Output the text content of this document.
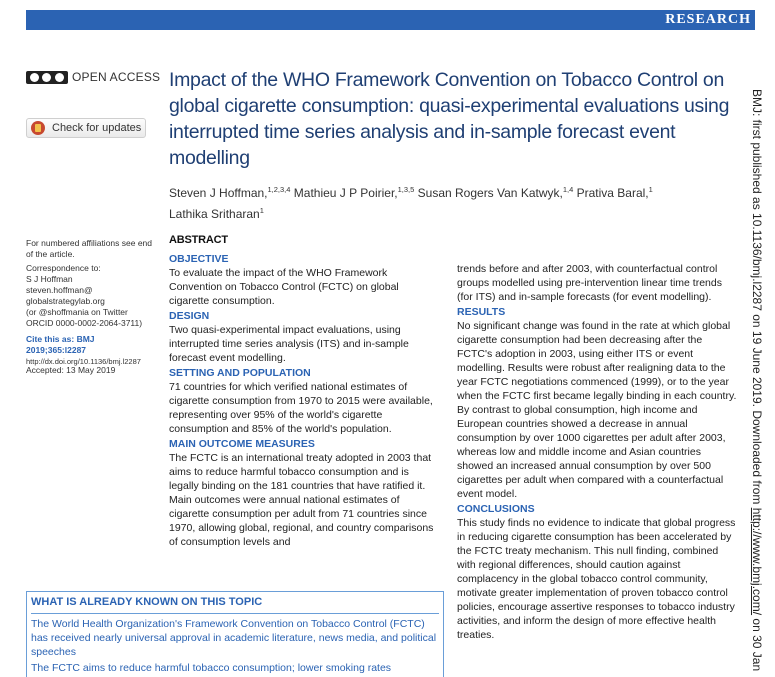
RESEARCH
OPEN ACCESS
Check for updates
Impact of the WHO Framework Convention on Tobacco Control on global cigarette consumption: quasi-experimental evaluations using interrupted time series analysis and in-sample forecast event modelling

Steven J Hoffman,$^{1,2,3,4}$ Mathieu J P Poirier,$^{1,3,5}$ Susan Rogers Van Katwyk,$^{1,4}$ Prativa Baral,$^1$
Lathika Sritharan$^1$

For numbered affiliations see end of the article.
Correspondence to:
S J Hoffman
steven.hoffman@
globalstrategylab.org
(or @shoffmania on Twitter
ORCID 0000-0002-2064-3711)
Cite this as: BMJ 2019;365:l2287
http://dx.doi.org/10.1136/bmj.l2287
Accepted: 13 May 2019
ABSTRACT
OBJECTIVE

To evaluate the impact of the WHO Framework Convention on Tobacco Control (FCTC) on global cigarette consumption.

DESIGN

Two quasi-experimental impact evaluations, using interrupted time series analysis (ITS) and in-sample forecast event modelling.

SETTING AND POPULATION

71 countries for which verified national estimates of cigarette consumption from 1970 to 2015 were available, representing over 95% of the world's cigarette consumption and 85% of the world's population.

MAIN OUTCOME MEASURES

The FCTC is an international treaty adopted in 2003 that aims to reduce harmful tobacco consumption and is legally binding on the 181 countries that have ratified it. Main outcomes were annual national estimates of cigarette consumption per adult from 71 countries since 1970, allowing global, regional, and country comparisons of consumption levels and

trends before and after 2003, with counterfactual control groups modelled using pre-intervention linear time trends (for ITS) and in-sample forecasts (for event modelling).

RESULTS

No significant change was found in the rate at which global cigarette consumption had been decreasing after the FCTC's adoption in 2003, using either ITS or event modelling. Results were robust after realigning data to the year FCTC negotiations commenced (1999), or to the year when the FCTC first became legally binding in each country. By contrast to global consumption, high income and European countries showed a decrease in annual consumption by over 1000 cigarettes per adult after 2003, whereas low and middle income and Asian countries showed an increased annual consumption by over 500 cigarettes per adult when compared with a counterfactual event model.

CONCLUSIONS

This study finds no evidence to indicate that global progress in reducing cigarette consumption has been accelerated by the FCTC treaty mechanism. This null finding, combined with regional differences, should caution against complacency in the global tobacco control community, motivate greater implementation of proven tobacco control policies, encourage assertive responses to tobacco industry activities, and inform the design of more effective health treaties.

WHAT IS ALREADY KNOWN ON THIS TOPIC

The World Health Organization's Framework Convention on Tobacco Control (FCTC) has received nearly universal approval in academic literature, news media, and political speeches

The FCTC aims to reduce harmful tobacco consumption; lower smoking rates

BMJ: first published as 10.1136/bmj.l2287 on 19 June 2019. Downloaded from http://www.bmj.com/ on 30 Jan
